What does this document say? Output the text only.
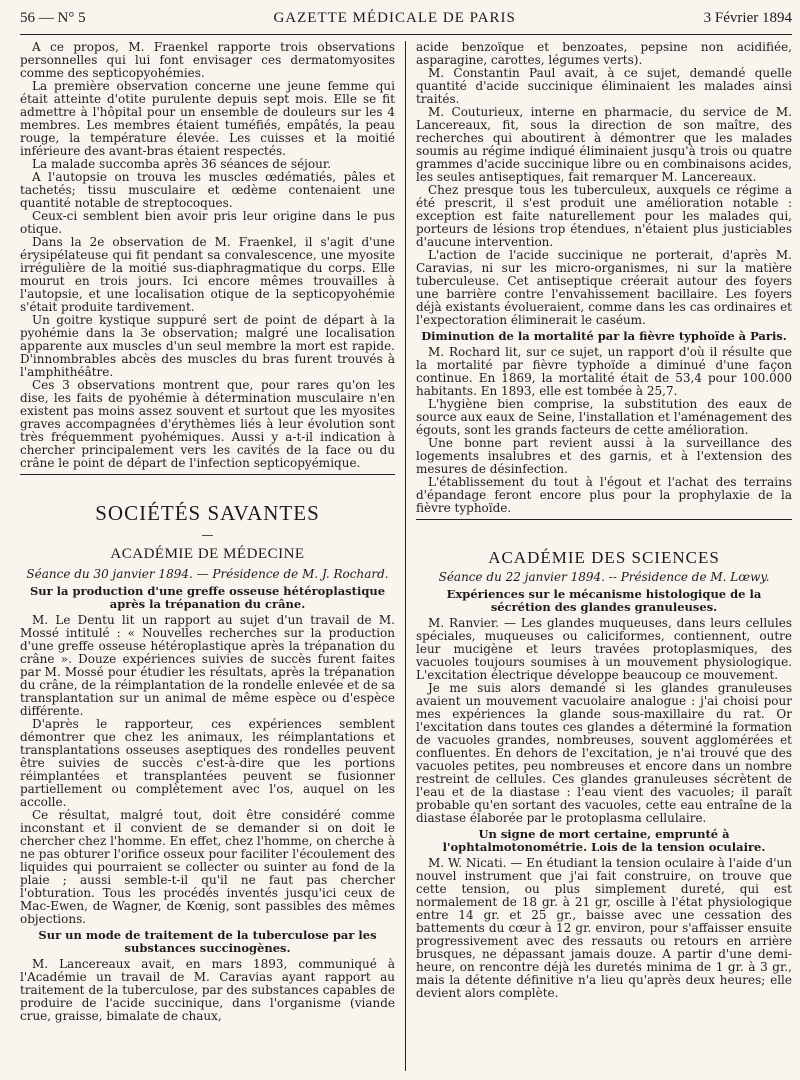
56 — N° 5	GAZETTE MÉDICALE DE PARIS	3 Février 1894

A ce propos, M. Fraenkel rapporte trois observations personnelles qui lui font envisager ces dermatomyosites comme des septicopyohémies.

La première observation concerne une jeune femme qui était atteinte d'otite purulente depuis sept mois. Elle se fit admettre à l'hôpital pour un ensemble de douleurs sur les 4 membres. Les membres étaient tuméfiés, empâtés, la peau rouge, la température élevée. Les cuisses et la moitié inférieure des avant-bras étaient respectés.

La malade succomba après 36 séances de séjour.

A l'autopsie on trouva les muscles œdématiés, pâles et tachetés; tissu musculaire et œdème contenaient une quantité notable de streptocoques.

Ceux-ci semblent bien avoir pris leur origine dans le pus otique.

Dans la 2e observation de M. Fraenkel, il s'agit d'une érysipélateuse qui fit pendant sa convalescence, une myosite irrégulière de la moitié sus-diaphragmatique du corps. Elle mourut en trois jours. Ici encore mêmes trouvailles à l'autopsie, et une localisation otique de la septicopyohémie s'était produite tardivement.

Un goitre kystique suppuré sert de point de départ à la pyohémie dans la 3e observation; malgré une localisation apparente aux muscles d'un seul membre la mort est rapide. D'innombrables abcès des muscles du bras furent trouvés à l'amphithéâtre.

Ces 3 observations montrent que, pour rares qu'on les dise, les faits de pyohémie à détermination musculaire n'en existent pas moins assez souvent et surtout que les myosites graves accompagnées d'érythèmes liés à leur évolution sont très fréquemment pyohémiques. Aussi y a-t-il indication à chercher principalement vers les cavités de la face ou du crâne le point de départ de l'infection septicopyémique.

SOCIÉTÉS SAVANTES
—
ACADÉMIE DE MÉDECINE
Séance du 30 janvier 1894. — Présidence de M. J. Rochard.
Sur la production d'une greffe osseuse hétéroplastique après la trépanation du crâne.

M. Le Dentu lit un rapport au sujet d'un travail de M. Mossé intitulé : « Nouvelles recherches sur la production d'une greffe osseuse hétéroplastique après la trépanation du crâne ». Douze expériences suivies de succès furent faites par M. Mossé pour étudier les résultats, après la trépanation du crâne, de la réimplantation de la rondelle enlevée et de sa transplantation sur un animal de même espèce ou d'espèce différente.

D'après le rapporteur, ces expériences semblent démontrer que chez les animaux, les réimplantations et transplantations osseuses aseptiques des rondelles peuvent être suivies de succès c'est-à-dire que les portions réimplantées et transplantées peuvent se fusionner partiellement ou complètement avec l'os, auquel on les accolle.

Ce résultat, malgré tout, doit être considéré comme inconstant et il convient de se demander si on doit le chercher chez l'homme. En effet, chez l'homme, on cherche à ne pas obturer l'orifice osseux pour faciliter l'écoulement des liquides qui pourraient se collecter ou suinter au fond de la plaie ; aussi semble-t-il qu'il ne faut pas chercher l'obturation. Tous les procédés inventés jusqu'ici ceux de Mac-Ewen, de Wagner, de Kœnig, sont passibles des mêmes objections.

Sur un mode de traitement de la tuberculose par les substances succinogènes.

M. Lancereaux avait, en mars 1893, communiqué à l'Académie un travail de M. Caravias ayant rapport au traitement de la tuberculose, par des substances capables de produire de l'acide succinique, dans l'organisme (viande crue, graisse, bimalate de chaux,

acide benzoïque et benzoates, pepsine non acidifiée, asparagine, carottes, légumes verts).

M. Constantin Paul avait, à ce sujet, demandé quelle quantité d'acide succinique éliminaient les malades ainsi traités.

M. Couturieux, interne en pharmacie, du service de M. Lancereaux, fit, sous la direction de son maître, des recherches qui aboutirent à démontrer que les malades soumis au régime indiqué éliminaient jusqu'à trois ou quatre grammes d'acide succinique libre ou en combinaisons acides, les seules antiseptiques, fait remarquer M. Lancereaux.

Chez presque tous les tuberculeux, auxquels ce régime a été prescrit, il s'est produit une amélioration notable : exception est faite naturellement pour les malades qui, porteurs de lésions trop étendues, n'étaient plus justiciables d'aucune intervention.

L'action de l'acide succinique ne porterait, d'après M. Caravias, ni sur les micro-organismes, ni sur la matière tuberculeuse. Cet antiseptique créerait autour des foyers une barrière contre l'envahissement bacillaire. Les foyers déjà existants évolueraient, comme dans les cas ordinaires et l'expectoration éliminerait le caséum.

Diminution de la mortalité par la fièvre typhoïde à Paris.

M. Rochard lit, sur ce sujet, un rapport d'où il résulte que la mortalité par fièvre typhoïde a diminué d'une façon continue. En 1869, la mortalité était de 53,4 pour 100.000 habitants. En 1893, elle est tombée à 25,7.

L'hygiène bien comprise, la substitution des eaux de source aux eaux de Seine, l'installation et l'aménagement des égouts, sont les grands facteurs de cette amélioration.

Une bonne part revient aussi à la surveillance des logements insalubres et des garnis, et à l'extension des mesures de désinfection.

L'établissement du tout à l'égout et l'achat des terrains d'épandage feront encore plus pour la prophylaxie de la fièvre typhoïde.

ACADÉMIE DES SCIENCES
Séance du 22 janvier 1894. -- Présidence de M. Lœwy.
Expériences sur le mécanisme histologique de la sécrétion des glandes granuleuses.

M. Ranvier. — Les glandes muqueuses, dans leurs cellules spéciales, muqueuses ou caliciformes, contiennent, outre leur mucigène et leurs travées protoplasmiques, des vacuoles toujours soumises à un mouvement physiologique. L'excitation électrique développe beaucoup ce mouvement.

Je me suis alors demandé si les glandes granuleuses avaient un mouvement vacuolaire analogue : j'ai choisi pour mes expériences la glande sous-maxillaire du rat. Or l'excitation dans toutes ces glandes a déterminé la formation de vacuoles grandes, nombreuses, souvent agglomérées et confluentes. En dehors de l'excitation, je n'ai trouvé que des vacuoles petites, peu nombreuses et encore dans un nombre restreint de cellules. Ces glandes granuleuses sécrètent de l'eau et de la diastase : l'eau vient des vacuoles; il paraît probable qu'en sortant des vacuoles, cette eau entraîne de la diastase élaborée par le protoplasma cellulaire.

Un signe de mort certaine, emprunté à l'ophtalmotonométrie. Lois de la tension oculaire.

M. W. Nicati. — En étudiant la tension oculaire à l'aide d'un nouvel instrument que j'ai fait construire, on trouve que cette tension, ou plus simplement dureté, qui est normalement de 18 gr. à 21 gr, oscille à l'état physiologique entre 14 gr. et 25 gr., baisse avec une cessation des battements du cœur à 12 gr. environ, pour s'affaisser ensuite progressivement avec des ressauts ou retours en arrière brusques, ne dépassant jamais douze. A partir d'une demi-heure, on rencontre déjà les duretés minima de 1 gr. à 3 gr., mais la détente définitive n'a lieu qu'après deux heures; elle devient alors complète.
